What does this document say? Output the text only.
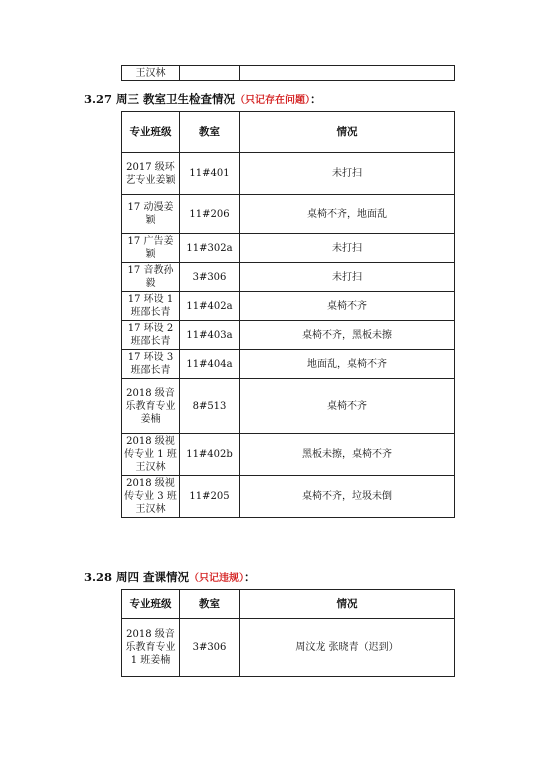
王汉林		
3.27 周三 教室卫生检查情况（只记存在问题）：
专业班级	教室	情况
2017 级环艺专业姜颖	11#401	未打扫
17 动漫姜颖	11#206	桌椅不齐，地面乱
17 广告姜颖	11#302a	未打扫
17 音教孙毅	3#306	未打扫
17 环设 1 班邵长青	11#402a	桌椅不齐
17 环设 2 班邵长青	11#403a	桌椅不齐，黑板未擦
17 环设 3 班邵长青	11#404a	地面乱，桌椅不齐
2018 级音乐教育专业姜楠	8#513	桌椅不齐
2018 级视传专业 1 班王汉林	11#402b	黑板未擦，桌椅不齐
2018 级视传专业 3 班王汉林	11#205	桌椅不齐，垃圾未倒
3.28 周四 查课情况（只记违规）：
专业班级	教室	情况
2018 级音乐教育专业 1 班姜楠	3#306	周汶龙 张晓青（迟到）
